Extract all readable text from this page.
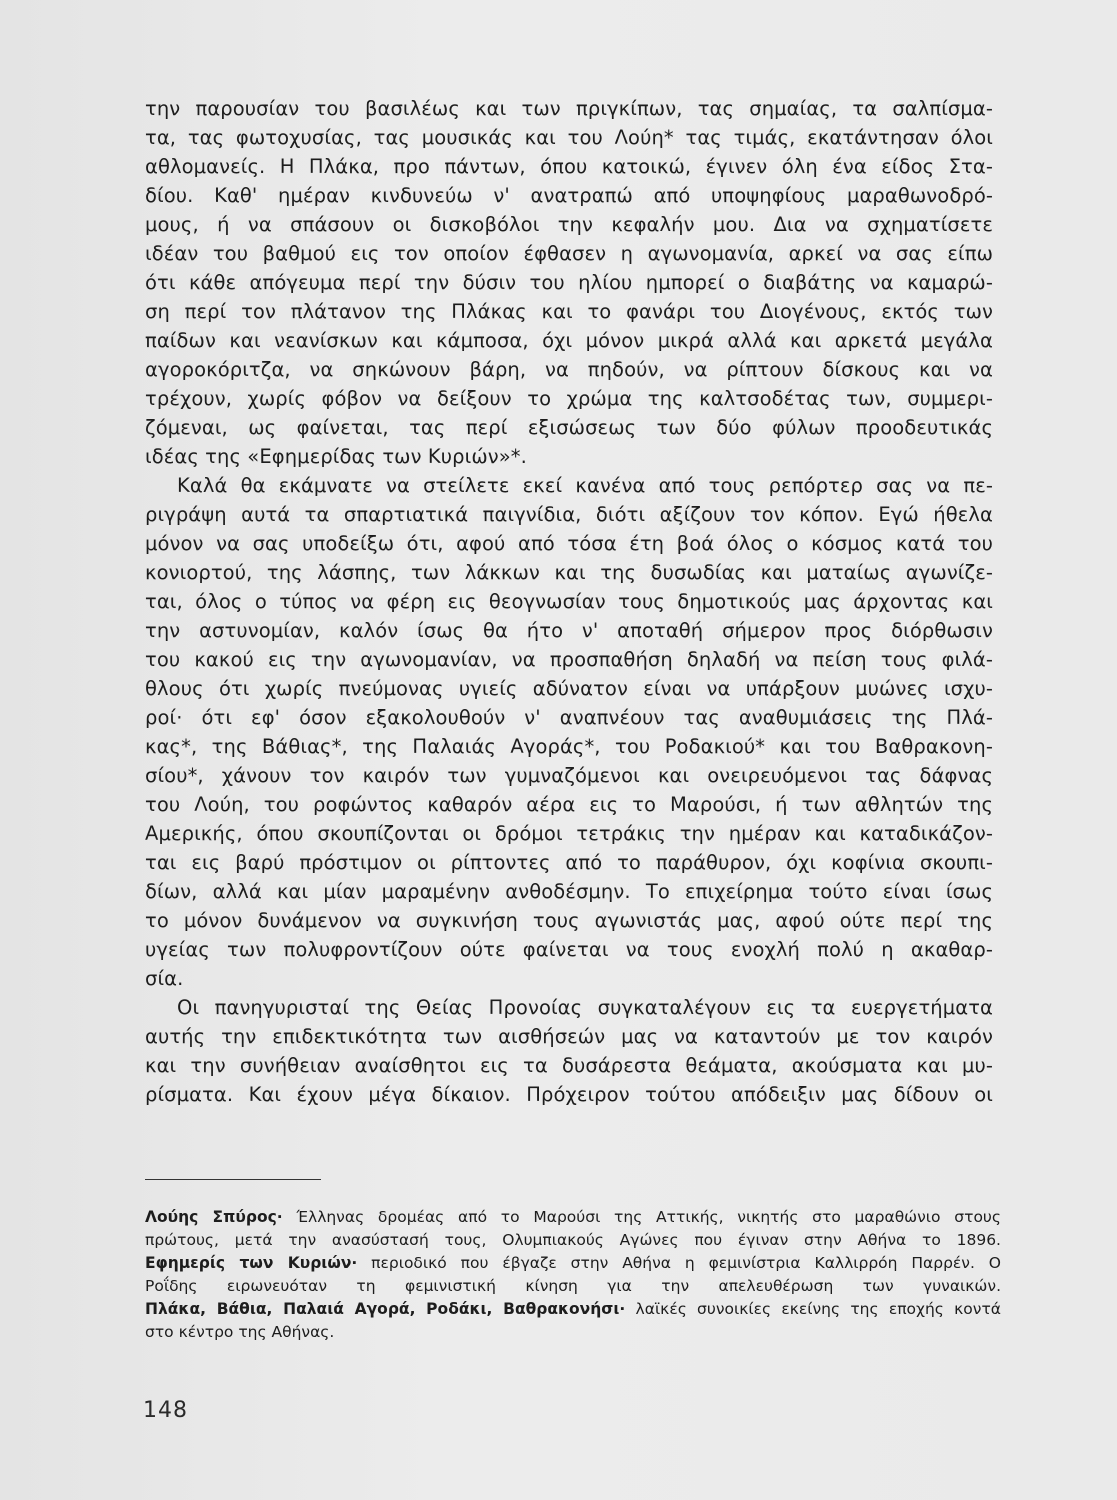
την παρουσίαν του βασιλέως και των πριγκίπων, τας σημαίας, τα σαλπίσμα-
τα, τας φωτοχυσίας, τας μουσικάς και του Λούη* τας τιμάς, εκατάντησαν όλοι
αθλομανείς. Η Πλάκα, προ πάντων, όπου κατοικώ, έγινεν όλη ένα είδος Στα-
δίου. Καθ' ημέραν κινδυνεύω ν' ανατραπώ από υποψηφίους μαραθωνοδρό-
μους, ή να σπάσουν οι δισκοβόλοι την κεφαλήν μου. Δια να σχηματίσετε
ιδέαν του βαθμού εις τον οποίον έφθασεν η αγωνομανία, αρκεί να σας είπω
ότι κάθε απόγευμα περί την δύσιν του ηλίου ημπορεί ο διαβάτης να καμαρώ-
ση περί τον πλάτανον της Πλάκας και το φανάρι του Διογένους, εκτός των
παίδων και νεανίσκων και κάμποσα, όχι μόνον μικρά αλλά και αρκετά μεγάλα
αγοροκόριτζα, να σηκώνουν βάρη, να πηδούν, να ρίπτουν δίσκους και να
τρέχουν, χωρίς φόβον να δείξουν το χρώμα της καλτσοδέτας των, συμμερι-
ζόμεναι, ως φαίνεται, τας περί εξισώσεως των δύο φύλων προοδευτικάς
ιδέας της «Εφημερίδας των Κυριών»*.
Καλά θα εκάμνατε να στείλετε εκεί κανένα από τους ρεπόρτερ σας να πε-
ριγράψη αυτά τα σπαρτιατικά παιγνίδια, διότι αξίζουν τον κόπον. Εγώ ήθελα
μόνον να σας υποδείξω ότι, αφού από τόσα έτη βοά όλος ο κόσμος κατά του
κονιορτού, της λάσπης, των λάκκων και της δυσωδίας και ματαίως αγωνίζε-
ται, όλος ο τύπος να φέρη εις θεογνωσίαν τους δημοτικούς μας άρχοντας και
την αστυνομίαν, καλόν ίσως θα ήτο ν' αποταθή σήμερον προς διόρθωσιν
του κακού εις την αγωνομανίαν, να προσπαθήση δηλαδή να πείση τους φιλά-
θλους ότι χωρίς πνεύμονας υγιείς αδύνατον είναι να υπάρξουν μυώνες ισχυ-
ροί· ότι εφ' όσον εξακολουθούν ν' αναπνέουν τας αναθυμιάσεις της Πλά-
κας*, της Βάθιας*, της Παλαιάς Αγοράς*, του Ροδακιού* και του Βαθρακονη-
σίου*, χάνουν τον καιρόν των γυμναζόμενοι και ονειρευόμενοι τας δάφνας
του Λούη, του ροφώντος καθαρόν αέρα εις το Μαρούσι, ή των αθλητών της
Αμερικής, όπου σκουπίζονται οι δρόμοι τετράκις την ημέραν και καταδικάζον-
ται εις βαρύ πρόστιμον οι ρίπτοντες από το παράθυρον, όχι κοφίνια σκουπι-
δίων, αλλά και μίαν μαραμένην ανθοδέσμην. Το επιχείρημα τούτο είναι ίσως
το μόνον δυνάμενον να συγκινήση τους αγωνιστάς μας, αφού ούτε περί της
υγείας των πολυφροντίζουν ούτε φαίνεται να τους ενοχλή πολύ η ακαθαρ-
σία.
Οι πανηγυρισταί της Θείας Προνοίας συγκαταλέγουν εις τα ευεργετήματα
αυτής την επιδεκτικότητα των αισθήσεών μας να καταντούν με τον καιρόν
και την συνήθειαν αναίσθητοι εις τα δυσάρεστα θεάματα, ακούσματα και μυ-
ρίσματα. Και έχουν μέγα δίκαιον. Πρόχειρον τούτου απόδειξιν μας δίδουν οι
Λούης Σπύρος· Έλληνας δρομέας από το Μαρούσι της Αττικής, νικητής στο μαραθώνιο στους
πρώτους, μετά την ανασύστασή τους, Ολυμπιακούς Αγώνες που έγιναν στην Αθήνα το 1896.
Εφημερίς των Κυριών· περιοδικό που έβγαζε στην Αθήνα η φεμινίστρια Καλλιρρόη Παρρέν. Ο
Ροΐδης ειρωνευόταν τη φεμινιστική κίνηση για την απελευθέρωση των γυναικών.
Πλάκα, Βάθια, Παλαιά Αγορά, Ροδάκι, Βαθρακονήσι· λαϊκές συνοικίες εκείνης της εποχής κοντά
στο κέντρο της Αθήνας.
148
